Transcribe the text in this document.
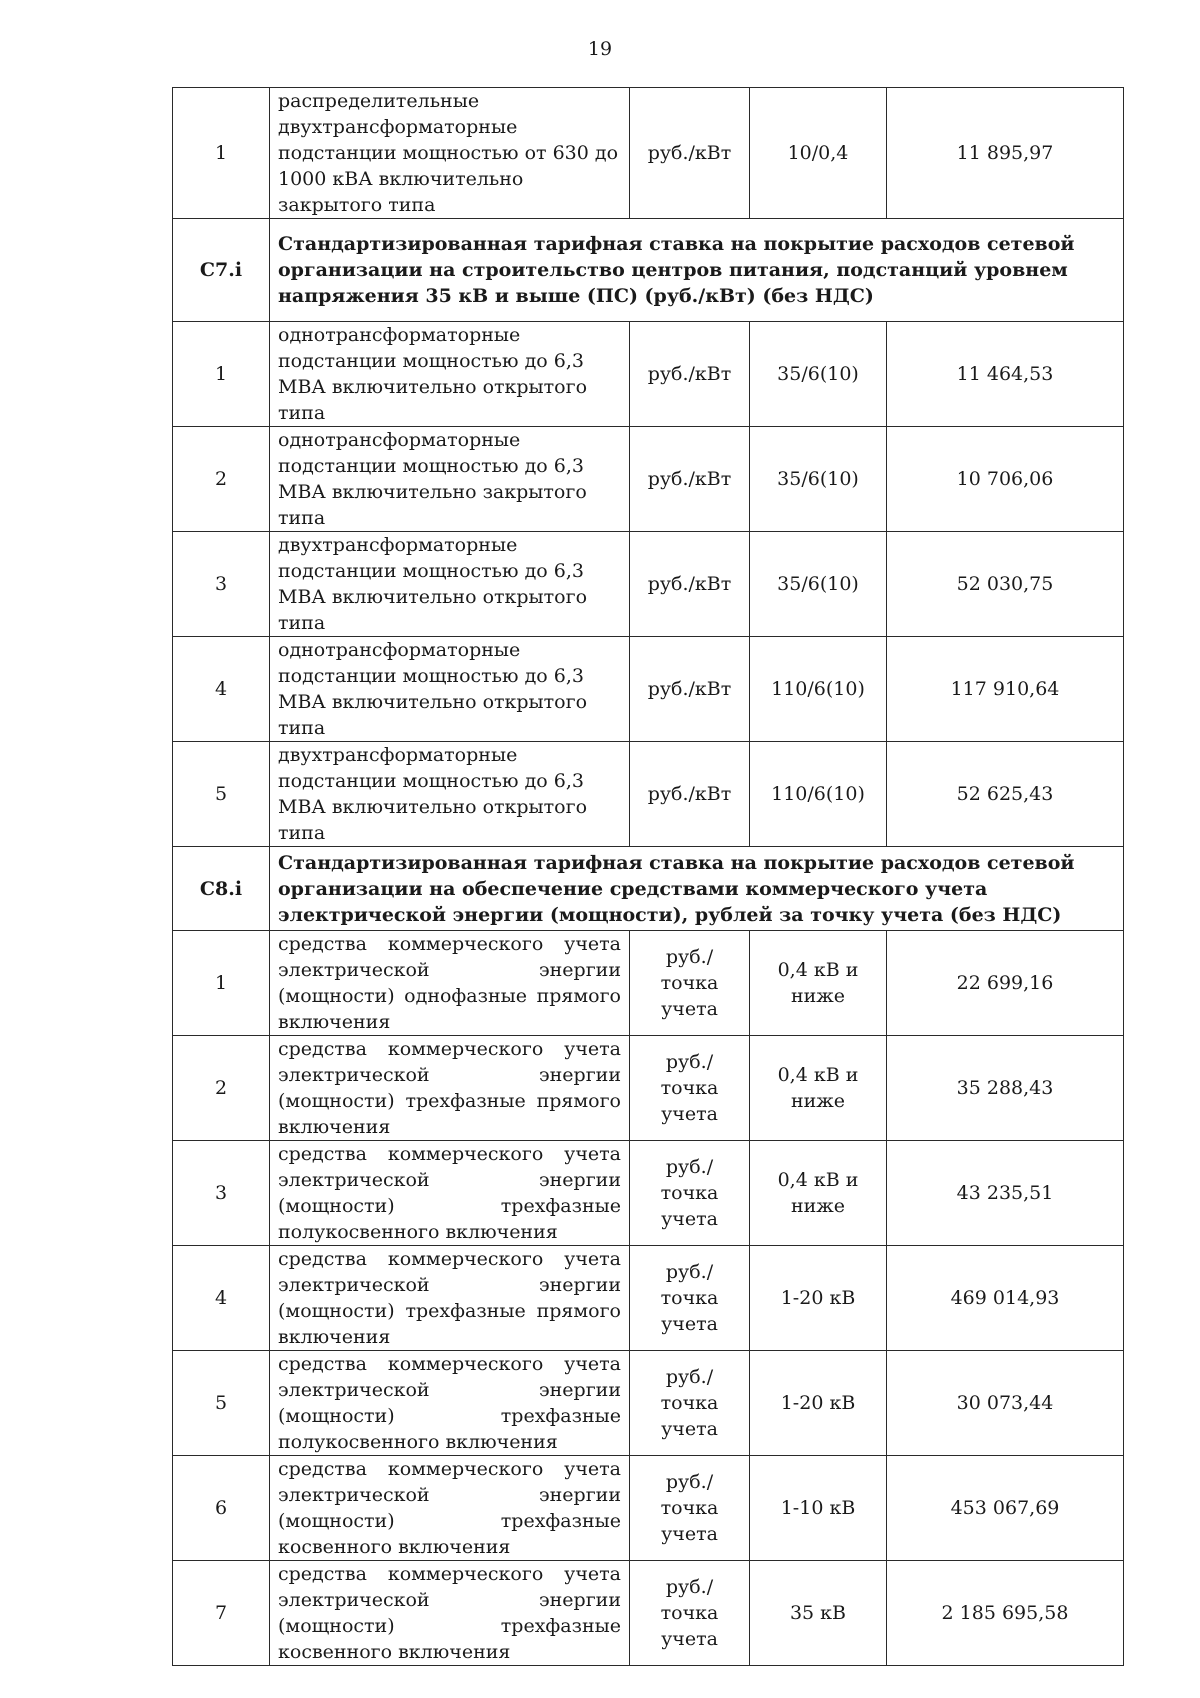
19
1	распределительные двухтрансформаторные подстанции мощностью от 630 до 1000 кВА включительно закрытого типа	руб./кВт	10/0,4	11 895,97
C7.i	Стандартизированная тарифная ставка на покрытие расходов сетевой организации на строительство центров питания, подстанций уровнем напряжения 35 кВ и выше (ПС) (руб./кВт) (без НДС)			
1	однотрансформаторные подстанции мощностью до 6,3 МВА включительно открытого типа	руб./кВт	35/6(10)	11 464,53
2	однотрансформаторные подстанции мощностью до 6,3 МВА включительно закрытого типа	руб./кВт	35/6(10)	10 706,06
3	двухтрансформаторные подстанции мощностью до 6,3 МВА включительно открытого типа	руб./кВт	35/6(10)	52 030,75
4	однотрансформаторные подстанции мощностью до 6,3 МВА включительно открытого типа	руб./кВт	110/6(10)	117 910,64
5	двухтрансформаторные подстанции мощностью до 6,3 МВА включительно открытого типа	руб./кВт	110/6(10)	52 625,43
C8.i	Стандартизированная тарифная ставка на покрытие расходов сетевой организации на обеспечение средствами коммерческого учета электрической энергии (мощности), рублей за точку учета (без НДС)			
1	средства коммерческого учета электрической энергии (мощности) однофазные прямого включения	руб./точка учета	0,4 кВ и ниже	22 699,16
2	средства коммерческого учета электрической энергии (мощности) трехфазные прямого включения	руб./точка учета	0,4 кВ и ниже	35 288,43
3	средства коммерческого учета электрической энергии (мощности) трехфазные полукосвенного включения	руб./точка учета	0,4 кВ и ниже	43 235,51
4	средства коммерческого учета электрической энергии (мощности) трехфазные прямого включения	руб./точка учета	1-20 кВ	469 014,93
5	средства коммерческого учета электрической энергии (мощности) трехфазные полукосвенного включения	руб./точка учета	1-20 кВ	30 073,44
6	средства коммерческого учета электрической энергии (мощности) трехфазные косвенного включения	руб./точка учета	1-10 кВ	453 067,69
7	средства коммерческого учета электрической энергии (мощности) трехфазные косвенного включения	руб./точка учета	35 кВ	2 185 695,58
